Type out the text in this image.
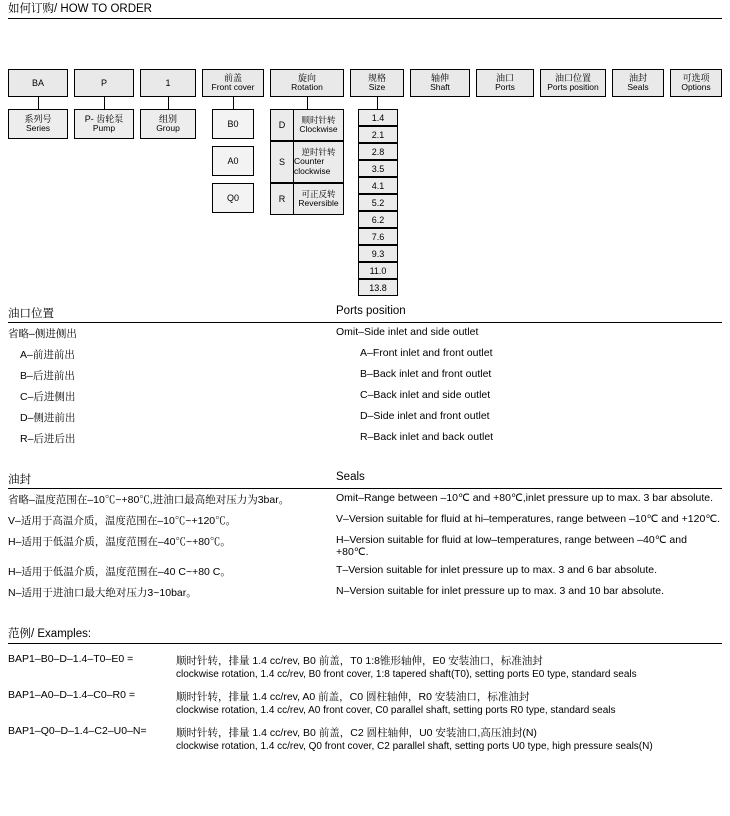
如何订购/ HOW TO ORDER
BA	P	1	前盖
Front cover
旋向
Rotation
规格
Size
轴伸
Shaft
油口
Ports
油口位置
Ports position
油封
Seals
可选项
Options
系列号
Series
P- 齿轮泵
Pump
组别
Group	B0
A0
Q0
D
顺时针转
Clockwise
S
逆时针转
Counter clockwise
R
可正反转
Reversible
1.4
2.1
2.8
3.5
4.1
5.2
6.2
7.6
9.3
11.0
13.8
油口位置	Ports position
省略–侧进侧出	Omit–Side inlet and side outlet
A–前进前出	A–Front inlet and front outlet
B–后进前出	B–Back inlet and front outlet
C–后进侧出	C–Back inlet and side outlet
D–侧进前出	D–Side inlet and front outlet
R–后进后出	R–Back inlet and back outlet
油封	Seals
省略–温度范围在–10℃~+80℃,进油口最高绝对压力为3bar。	Omit–Range between –10℃ and +80℃,inlet pressure up to max. 3 bar absolute.
V–适用于高温介质，温度范围在–10℃~+120℃。	V–Version suitable for fluid at hi–temperatures, range between –10℃ and +120℃.
H–适用于低温介质，温度范围在–40℃~+80℃。	H–Version suitable for fluid at low–temperatures, range between –40℃ and +80℃.
H–适用于低温介质，温度范围在–40 C~+80 C。	T–Version suitable for inlet pressure up to max. 3 and 6 bar absolute.
N–适用于进油口最大绝对压力3~10bar。	N–Version suitable for inlet pressure up to max. 3 and 10 bar absolute.
范例/ Examples:
BAP1–B0–D–1.4–T0–E0 =	顺时针转，排量 1.4 cc/rev, B0 前盖，T0 1:8锥形轴伸，E0 安装油口，标准油封
clockwise rotation, 1.4 cc/rev, B0 front cover, 1:8 tapered shaft(T0), setting ports E0 type, standard seals
BAP1–A0–D–1.4–C0–R0 =	顺时针转，排量 1.4 cc/rev, A0 前盖，C0 圆柱轴伸，R0 安装油口，标准油封
clockwise rotation, 1.4 cc/rev, A0 front cover, C0 parallel shaft, setting ports R0 type, standard seals
BAP1–Q0–D–1.4–C2–U0–N=	顺时针转，排量 1.4 cc/rev, B0 前盖，C2 圆柱轴伸，U0 安装油口,高压油封(N)
clockwise rotation, 1.4 cc/rev, Q0 front cover, C2 parallel shaft, setting ports U0 type, high pressure seals(N)
